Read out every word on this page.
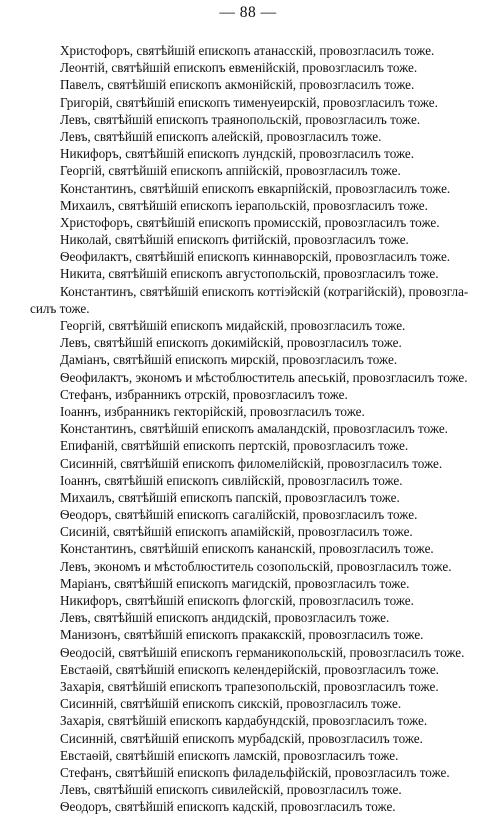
— 88 —
Христофоръ, святѣйшій епископъ атанасскій, провозгласилъ тоже.
Леонтій, святѣйшій епископъ евменійскій, провозгласилъ тоже.
Павелъ, святѣйшій епископъ акмонійскій, провозгласилъ тоже.
Григорій, святѣйшій епископъ тименуеирскій, провозгласилъ тоже.
Левъ, святѣйшій епископъ траянопольскій, провозгласилъ тоже.
Левъ, святѣйшій епископъ алейскій, провозгласилъ тоже.
Никифоръ, святѣйшій епископъ лундскій, провозгласилъ тоже.
Георгій, святѣйшій епископъ аппійскій, провозгласилъ тоже.
Константинъ, святѣйшій епископъ евкарпійскій, провозгласилъ тоже.
Михаилъ, святѣйшій епископъ іерапольскій, провозгласилъ тоже.
Христофоръ, святѣйшій епископъ промисскій, провозгласилъ тоже.
Николай, святѣйшій епископъ фитійскій, провозгласилъ тоже.
Ѳеофилактъ, святѣйшій епископъ киннаворскій, провозгласилъ тоже.
Никита, святѣйшій епископъ августопольскій, провозгласилъ тоже.
Константинъ, святѣйшій епископъ коттіэйскій (котрагійскій), провозгла-
силъ тоже.
Георгій, святѣйшій епископъ мидайскій, провозгласилъ тоже.
Левъ, святѣйшій епископъ докимійскій, провозгласилъ тоже.
Даміанъ, святѣйшій епископъ мирскій, провозгласилъ тоже.
Ѳеофилактъ, экономъ и мѣстоблюститель апеській, провозгласилъ тоже.
Стефанъ, избранникъ отрскій, провозгласилъ тоже.
Іоаннъ, избранникъ гекторійскій, провозгласилъ тоже.
Константинъ, святѣйшій епископъ амаландскій, провозгласилъ тоже.
Епифаній, святѣйшій епископъ пертскій, провозгласилъ тоже.
Сисинній, святѣйшій епископъ филомелійскій, провозгласилъ тоже.
Іоаннъ, святѣйшій епископъ сивлійскій, провозгласилъ тоже.
Михаилъ, святѣйшій епископъ папскій, провозгласилъ тоже.
Ѳеодоръ, святѣйшій епископъ сагалійскій, провозгласилъ тоже.
Сисиній, святѣйшій епископъ апамійскій, провозгласилъ тоже.
Константинъ, святѣйшій епископъ кананскій, провозгласилъ тоже.
Левъ, экономъ и мѣстоблюститель созопольскій, провозгласилъ тоже.
Маріанъ, святѣйшій епископъ магидскій, провозгласилъ тоже.
Никифоръ, святѣйшій епископъ флогскій, провозгласилъ тоже.
Левъ, святѣйшій епископъ андидскій, провозгласилъ тоже.
Манизонъ, святѣйшій епископъ пракакскій, провозгласилъ тоже.
Ѳеодосій, святѣйшій епископъ германикопольскій, провозгласилъ тоже.
Евстаѳій, святѣйшій епископъ келендерійскій, провозгласилъ тоже.
Захарія, святѣйшій епископъ трапезопольскій, провозгласилъ тоже.
Сисинній, святѣйшій епископъ сикскій, провозгласилъ тоже.
Захарія, святѣйшій епископъ кардабундскій, провозгласилъ тоже.
Сисинній, святѣйшій епископъ мурбадскій, провозгласилъ тоже.
Евстаѳій, святѣйшій епископъ ламскій, провозгласилъ тоже.
Стефанъ, святѣйшій епископъ филадельфійскій, провозгласилъ тоже.
Левъ, святѣйшій епископъ сивилейскій, провозгласилъ тоже.
Ѳеодоръ, святѣйшій епископъ кадскій, провозгласилъ тоже.
